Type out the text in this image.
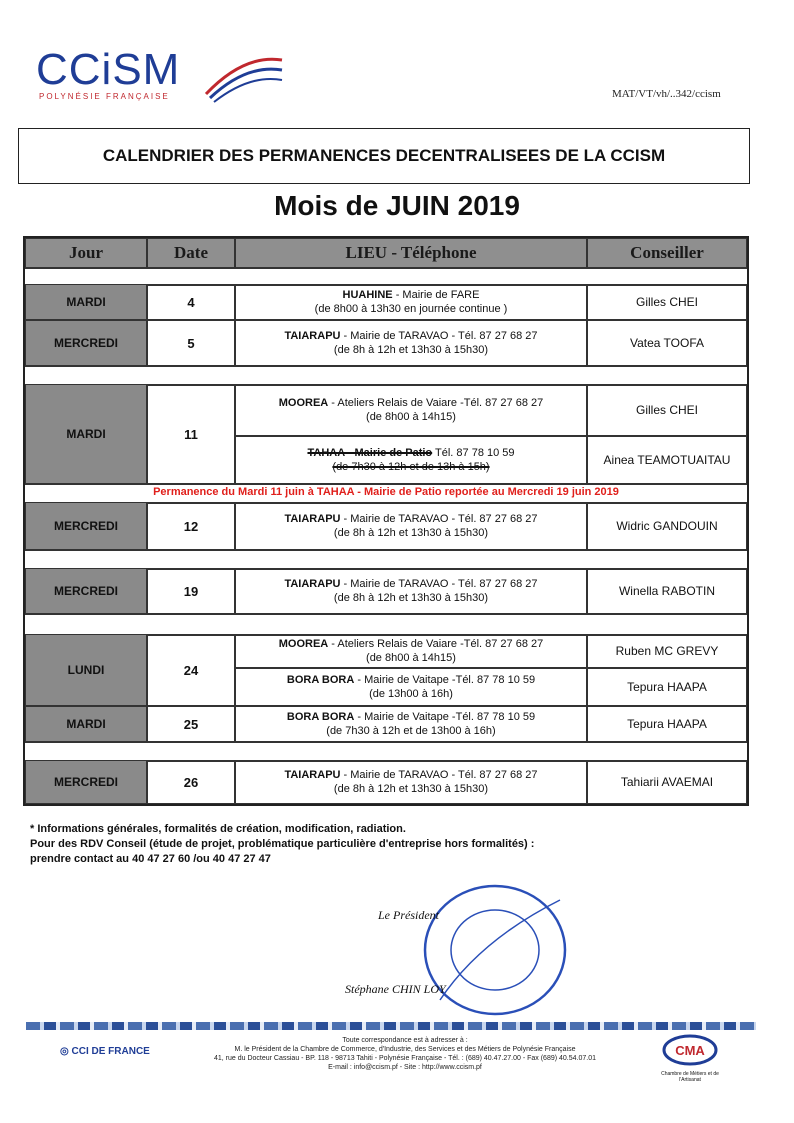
CCiSM
POLYNÉSIE FRANÇAISE	MAT/VT/vh/..342/ccism
CALENDRIER DES PERMANENCES DECENTRALISEES DE LA CCISM
Mois de JUIN 2019
Jour	Date	LIEU - Téléphone	Conseiller
MARDI	4	HUAHINE - Mairie de FARE
(de 8h00 à 13h30 en journée continue )	Gilles CHEI
MERCREDI	5	TAIARAPU - Mairie de TARAVAO - Tél. 87 27 68 27
(de 8h à 12h et 13h30 à 15h30)	Vatea TOOFA
MARDI	11
MOOREA - Ateliers Relais de Vaiare -Tél. 87 27 68 27
(de 8h00 à 14h15)	Gilles CHEI
TAHAA - Mairie de Patio Tél. 87 78 10 59
(de 7h30 à 12h et de 13h à 15h)	Ainea TEAMOTUAITAU
MERCREDI	12	TAIARAPU - Mairie de TARAVAO - Tél. 87 27 68 27
(de 8h à 12h et 13h30 à 15h30)	Widric GANDOUIN
MERCREDI	19	TAIARAPU - Mairie de TARAVAO - Tél. 87 27 68 27
(de 8h à 12h et 13h30 à 15h30)	Winella RABOTIN
LUNDI	24
MOOREA - Ateliers Relais de Vaiare -Tél. 87 27 68 27
(de 8h00 à 14h15)	Ruben MC GREVY
BORA BORA - Mairie de Vaitape -Tél. 87 78 10 59
(de 13h00 à 16h)	Tepura HAAPA
MARDI	25	BORA BORA - Mairie de Vaitape -Tél. 87 78 10 59
(de 7h30 à 12h et de 13h00 à 16h)	Tepura HAAPA
MERCREDI	26	TAIARAPU - Mairie de TARAVAO - Tél. 87 27 68 27
(de 8h à 12h et 13h30 à 15h30)	Tahiarii AVAEMAI
Permanence du Mardi 11 juin à TAHAA - Mairie de Patio reportée au Mercredi 19 juin 2019
* Informations générales, formalités de création, modification, radiation.
Pour des RDV Conseil (étude de projet, problématique particulière d'entreprise hors formalités) :
prendre contact au 40 47 27 60 /ou 40 47 27 47
Le Président
Stéphane CHIN LOY
◎ CCI DE FRANCE
Toute correspondance est à adresser à :
M. le Président de la Chambre de Commerce, d'Industrie, des Services et des Métiers de Polynésie Française
41, rue du Docteur Cassiau - BP. 118 - 98713 Tahiti - Polynésie Française - Tél. : (689) 40.47.27.00 - Fax (689) 40.54.07.01
E-mail : info@ccism.pf - Site : http://www.ccism.pf
CMA
Chambre de Métiers et de l'Artisanat
